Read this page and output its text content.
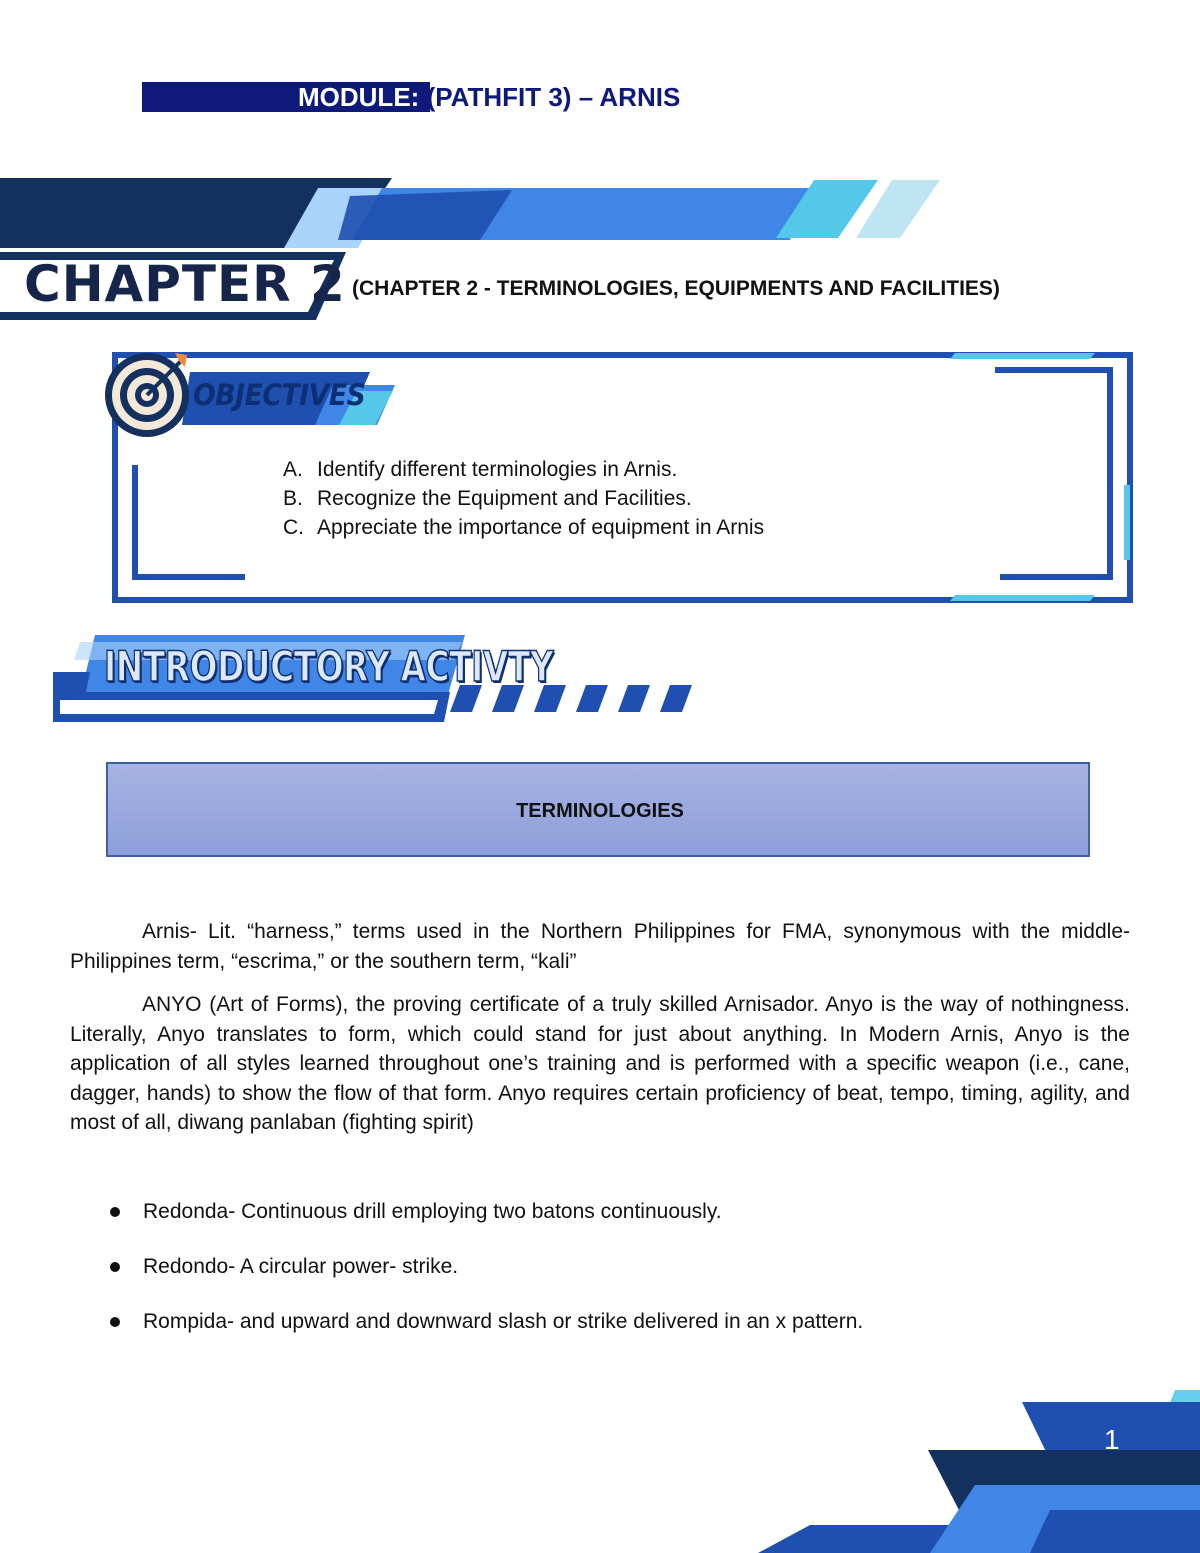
MODULE: (PATHFIT 3) – ARNIS
CHAPTER 2 (CHAPTER 2 - TERMINOLOGIES, EQUIPMENTS AND FACILITIES)
OBJECTIVES
A. Identify different terminologies in Arnis.
B. Recognize the Equipment and Facilities.
C. Appreciate the importance of equipment in Arnis
INTRODUCTORY ACTIVTY
TERMINOLOGIES

Arnis- Lit. “harness,” terms used in the Northern Philippines for FMA, synonymous with the middle- Philippines term, “escrima,” or the southern term, “kali”

ANYO (Art of Forms), the proving certificate of a truly skilled Arnisador. Anyo is the way of nothingness. Literally, Anyo translates to form, which could stand for just about anything. In Modern Arnis, Anyo is the application of all styles learned throughout one’s training and is performed with a specific weapon (i.e., cane, dagger, hands) to show the flow of that form. Anyo requires certain proficiency of beat, tempo, timing, agility, and most of all, diwang panlaban (fighting spirit)

Redonda- Continuous drill employing two batons continuously.
Redondo- A circular power- strike.
Rompida- and upward and downward slash or strike delivered in an x pattern.
1
